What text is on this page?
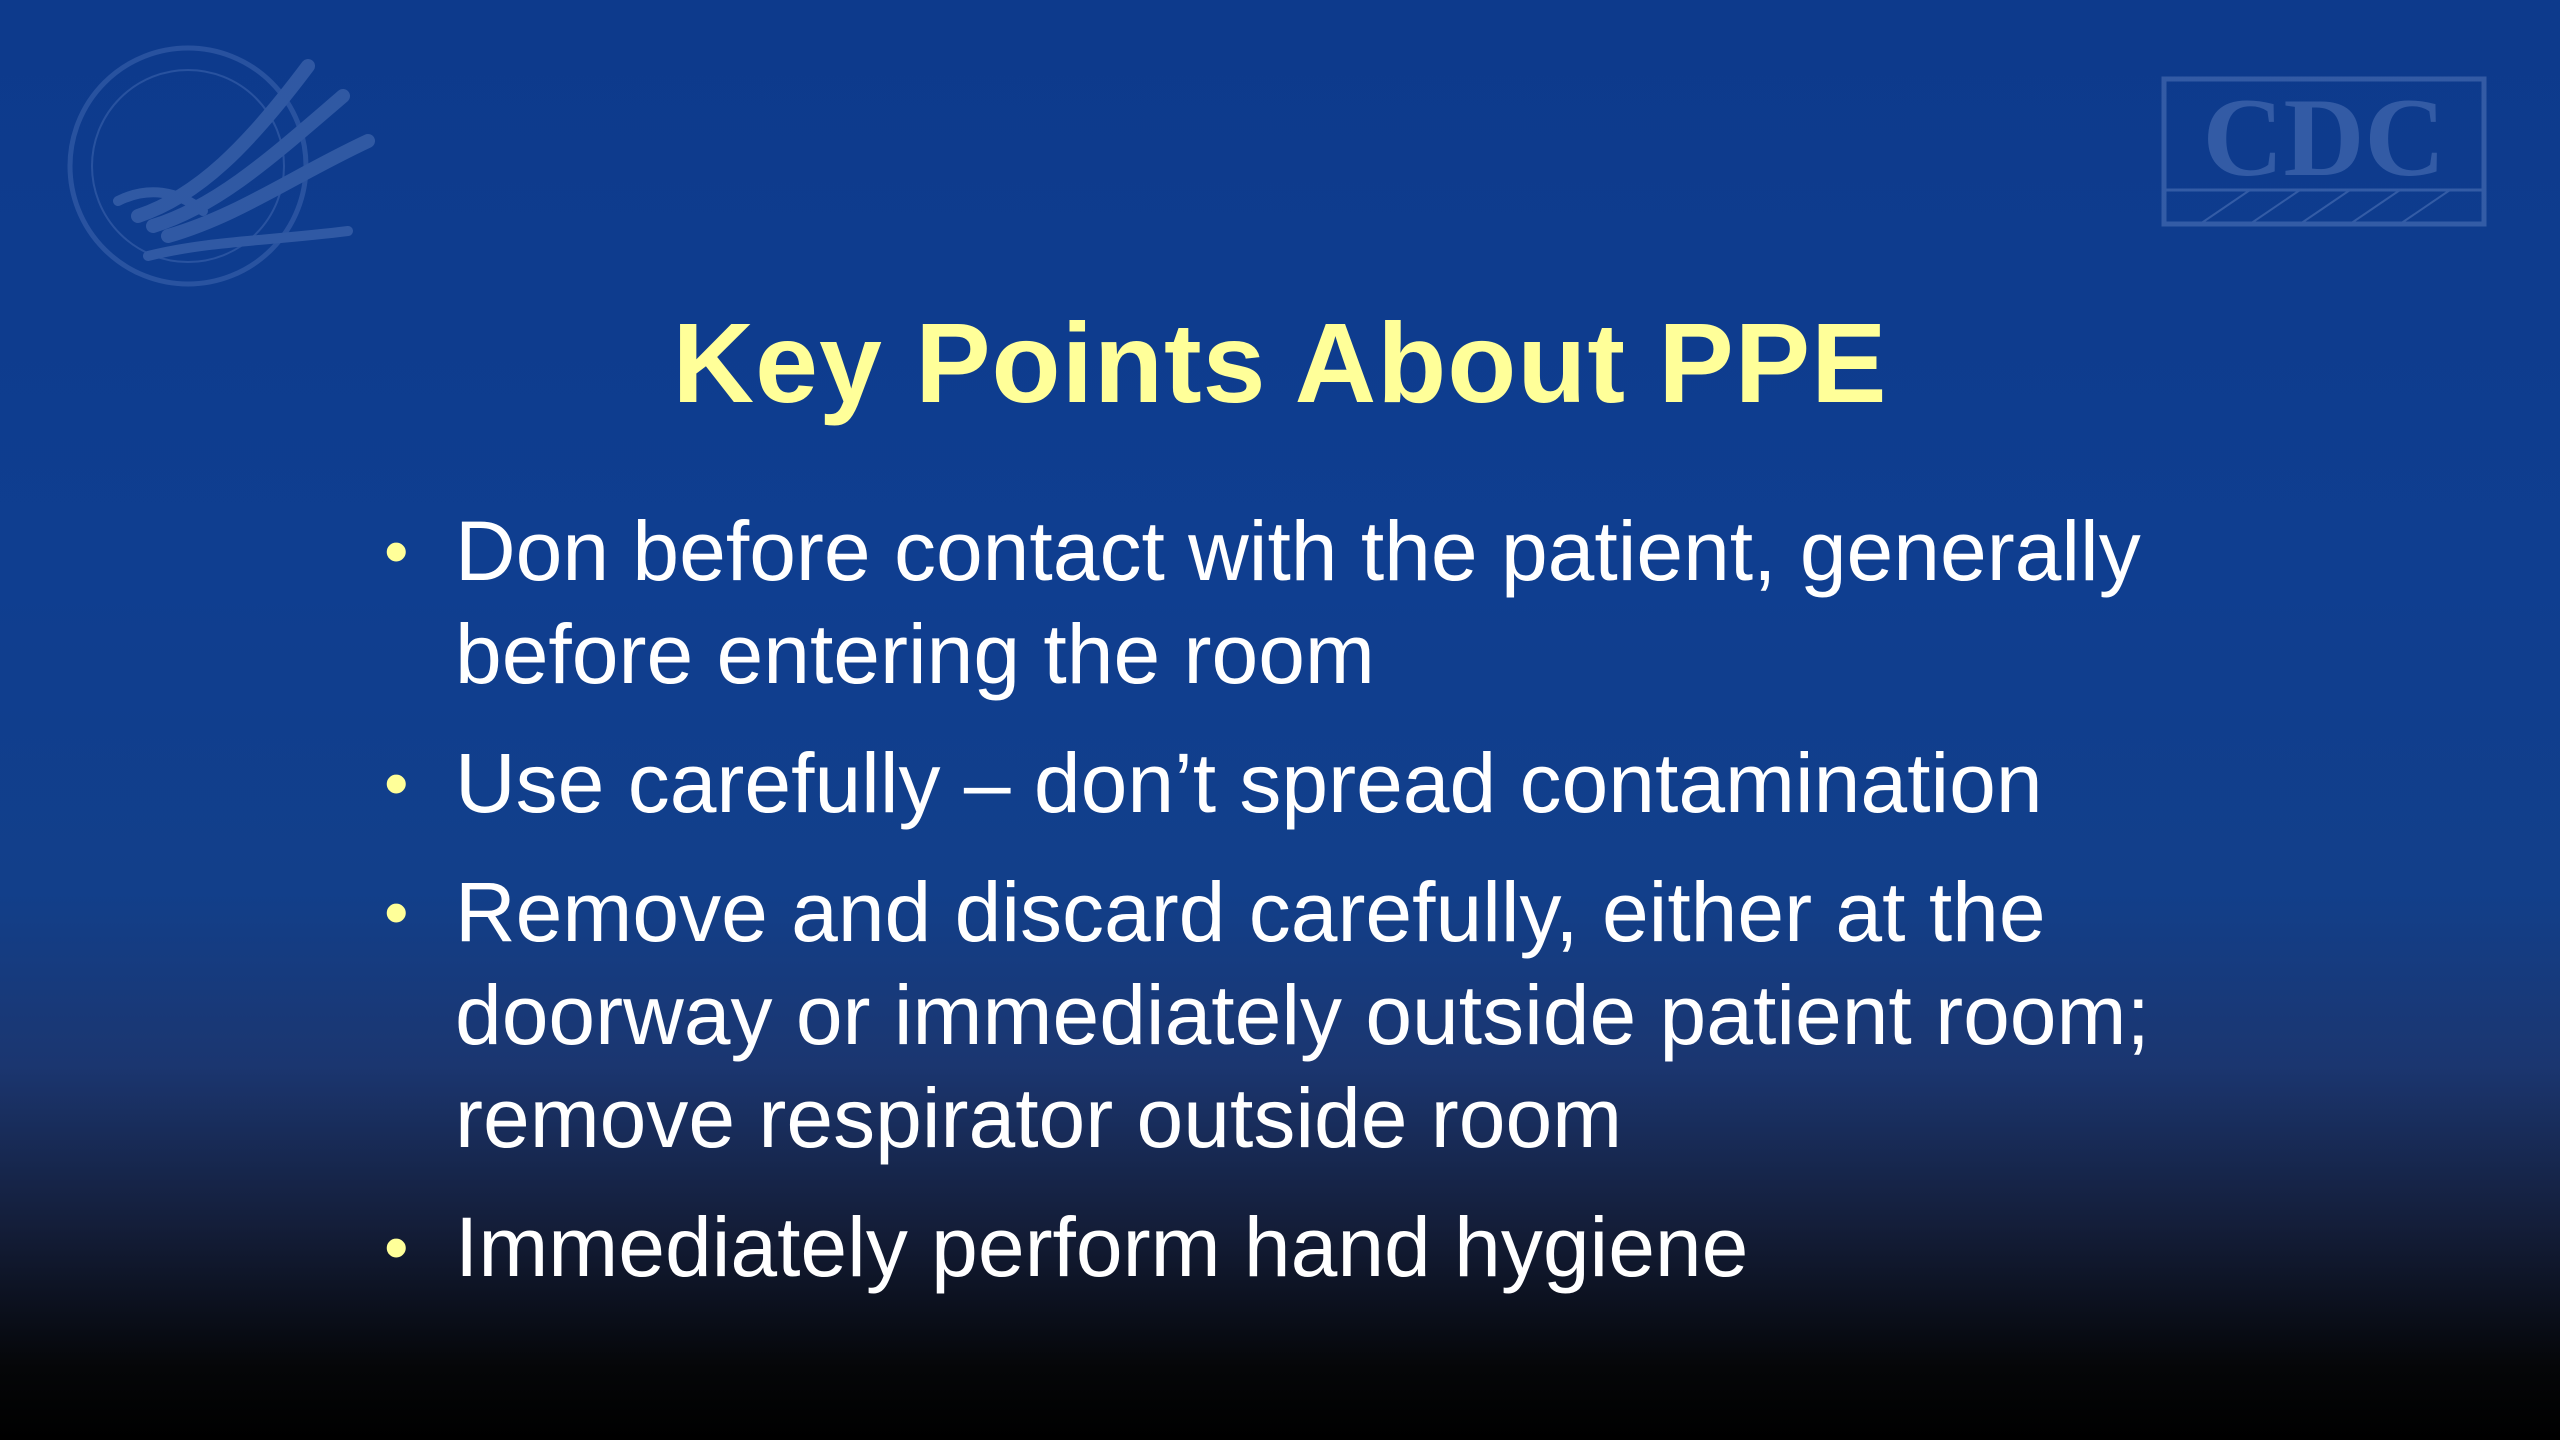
CDC
Key Points About PPE
• Don before contact with the patient, generally before entering the room
• Use carefully – don’t spread contamination
• Remove and discard carefully, either at the doorway or immediately outside patient room; remove respirator outside room
• Immediately perform hand hygiene
